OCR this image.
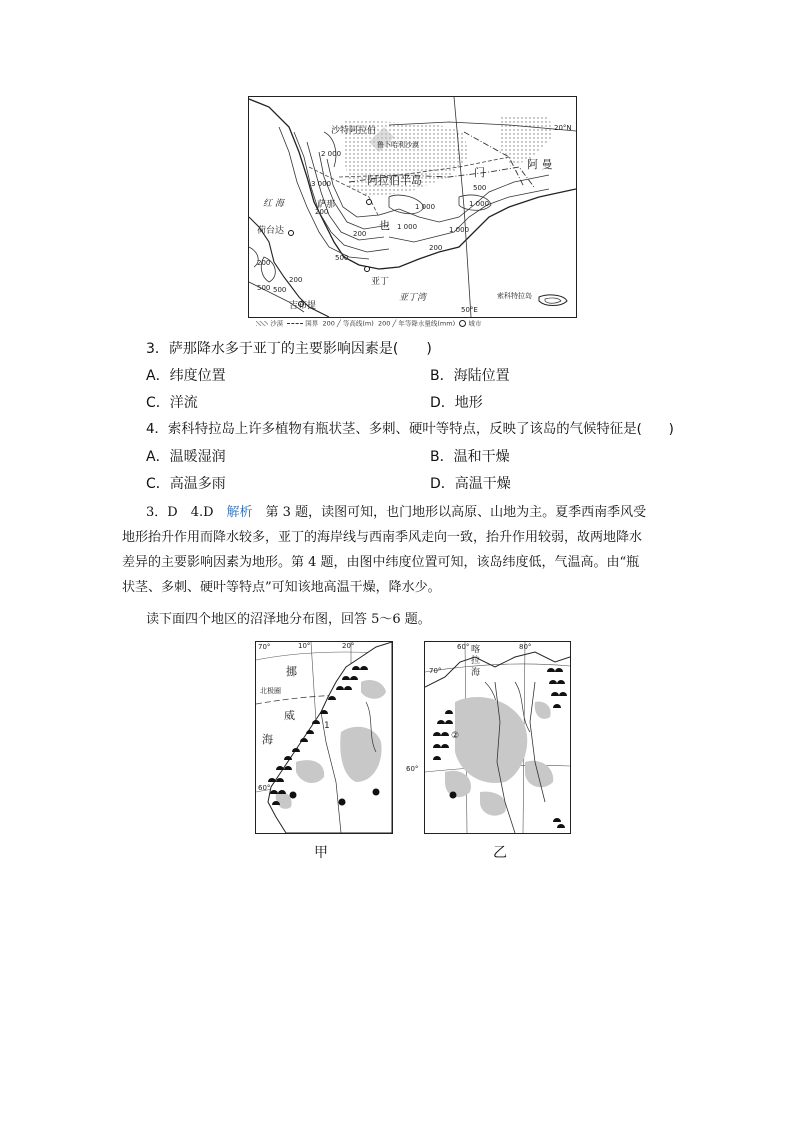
沙特阿拉伯
鲁卜哈利沙漠
阿拉伯半岛
阿 曼
门
也
红 海	萨那
荷台达
亚丁
亚丁湾
吉布提
索科特拉岛
20°N
50°E
2 000
3 000
1 000
1 000
1 000
1 000
500
500
500 500
200
200
200
200
200
沙漠	国界 200 ╱ 等高线(m) 200 ╱ 年等降水量线(mm) 城市
3．萨那降水多于亚丁的主要影响因素是(　　)
A．纬度位置	B．海陆位置
C．洋流	D．地形
4．索科特拉岛上许多植物有瓶状茎、多刺、硬叶等特点，反映了该岛的气候特征是(　　)
A．温暖湿润	B．温和干燥
C．高温多雨	D．高温干燥
3．D　4.D　解析　第 3 题，读图可知，也门地形以高原、山地为主。夏季西南季风受
地形抬升作用而降水较多，亚丁的海岸线与西南季风走向一致，抬升作用较弱，故两地降水
差异的主要影响因素为地形。第 4 题，由图中纬度位置可知，该岛纬度低，气温高。由“瓶
状茎、多刺、硬叶等特点”可知该地高温干燥，降水少。
读下面四个地区的沼泽地分布图，回答 5～6 题。
70°	10°	20°
北极圈
挪
威
海
1
60°
甲
60° 喀
拉
海
80°
70°
②
60°
乙
